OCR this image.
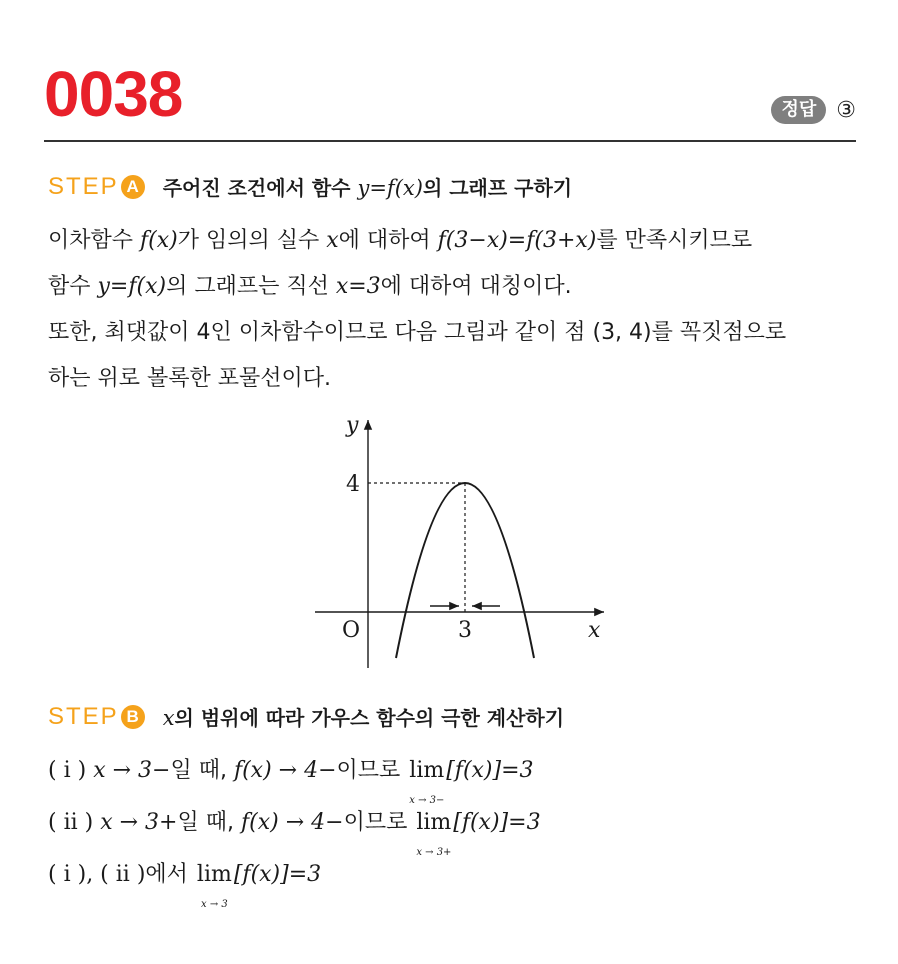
0038	정답 ③
STEP A 주어진 조건에서 함수 y=f(x)의 그래프 구하기
이차함수 f(x)가 임의의 실수 x에 대하여 f(3−x)=f(3+x)를 만족시키므로
함수 y=f(x)의 그래프는 직선 x=3에 대하여 대칭이다.
또한, 최댓값이 4인 이차함수이므로 다음 그림과 같이 점 (3, 4)를 꼭짓점으로
하는 위로 볼록한 포물선이다.
y
x
O
4
3
STEP B x의 범위에 따라 가우스 함수의 극한 계산하기
( i ) x → 3−일 때, f(x) → 4−이므로 lim
x → 3−
[f(x)]=3
( ii ) x → 3+일 때, f(x) → 4−이므로 lim
x → 3+
[f(x)]=3
( i ), ( ii )에서 lim
x → 3
[f(x)]=3
